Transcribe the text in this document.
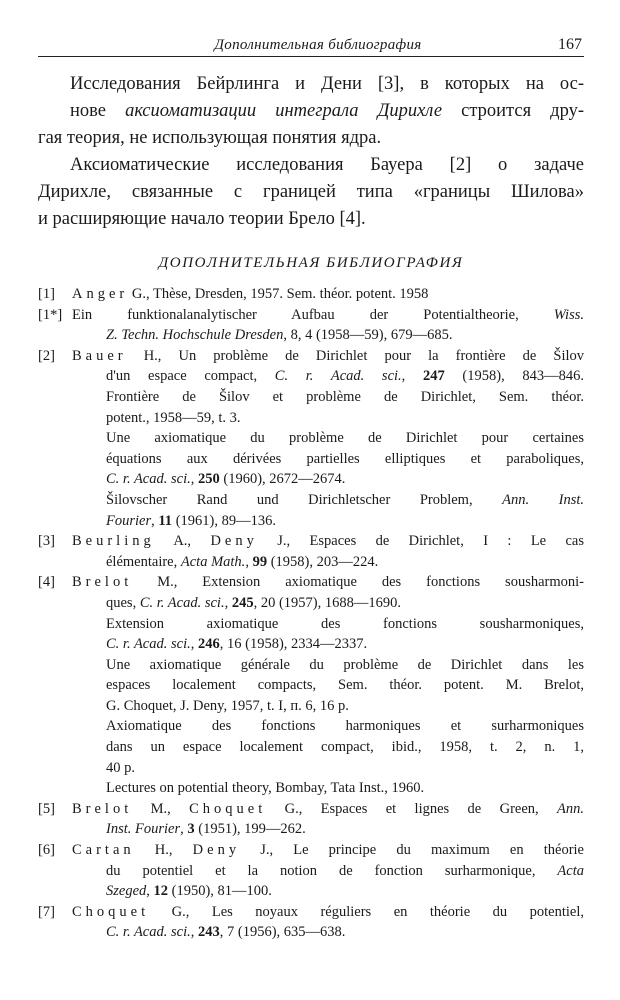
Дополнительная библиография	167

Исследования Бейрлинга и Дени [3], в которых на ос-
нове аксиоматизации интеграла Дирихле строится дру-
гая теория, не использующая понятия ядра.

Аксиоматические исследования Бауера [2] о задаче
Дирихле, связанные с границей типа «границы Шилова»
и расширяющие начало теории Брело [4].

ДОПОЛНИТЕЛЬНАЯ БИБЛИОГРАФИЯ
[1] Anger G., Thèse, Dresden, 1957. Sem. théor. potent. 1958
[1*] Ein funktionalanalytischer Aufbau der Potentialtheorie, Wiss.
Z. Techn. Hochschule Dresden, 8, 4 (1958—59), 679—685.
[2] Bauer H., Un problème de Dirichlet pour la frontière de Šilov
d'un espace compact, C. r. Acad. sci., 247 (1958), 843—846.
Frontière de Šilov et problème de Dirichlet, Sem. théor.
potent., 1958—59, t. 3.
Une axiomatique du problème de Dirichlet pour certaines
équations aux dérivées partielles elliptiques et paraboliques,
C. r. Acad. sci., 250 (1960), 2672—2674.
Šilovscher Rand und Dirichletscher Problem, Ann. Inst.
Fourier, 11 (1961), 89—136.
[3] Beurling A., Deny J., Espaces de Dirichlet, I : Le cas
élémentaire, Acta Math., 99 (1958), 203—224.
[4] Brelot M., Extension axiomatique des fonctions sousharmoni-
ques, C. r. Acad. sci., 245, 20 (1957), 1688—1690.
Extension axiomatique des fonctions sousharmoniques,
C. r. Acad. sci., 246, 16 (1958), 2334—2337.
Une axiomatique générale du problème de Dirichlet dans les
espaces localement compacts, Sem. théor. potent. M. Brelot,
G. Choquet, J. Deny, 1957, t. I, п. 6, 16 p.
Axiomatique des fonctions harmoniques et surharmoniques
dans un espace localement compact, ibid., 1958, t. 2, n. 1,
40 p.
Lectures on potential theory, Bombay, Tata Inst., 1960.
[5] Brelot M., Choquet G., Espaces et lignes de Green, Ann.
Inst. Fourier, 3 (1951), 199—262.
[6] Cartan H., Deny J., Le principe du maximum en théorie
du potentiel et la notion de fonction surharmonique, Acta
Szeged, 12 (1950), 81—100.
[7] Choquet G., Les noyaux réguliers en théorie du potentiel,
C. r. Acad. sci., 243, 7 (1956), 635—638.
